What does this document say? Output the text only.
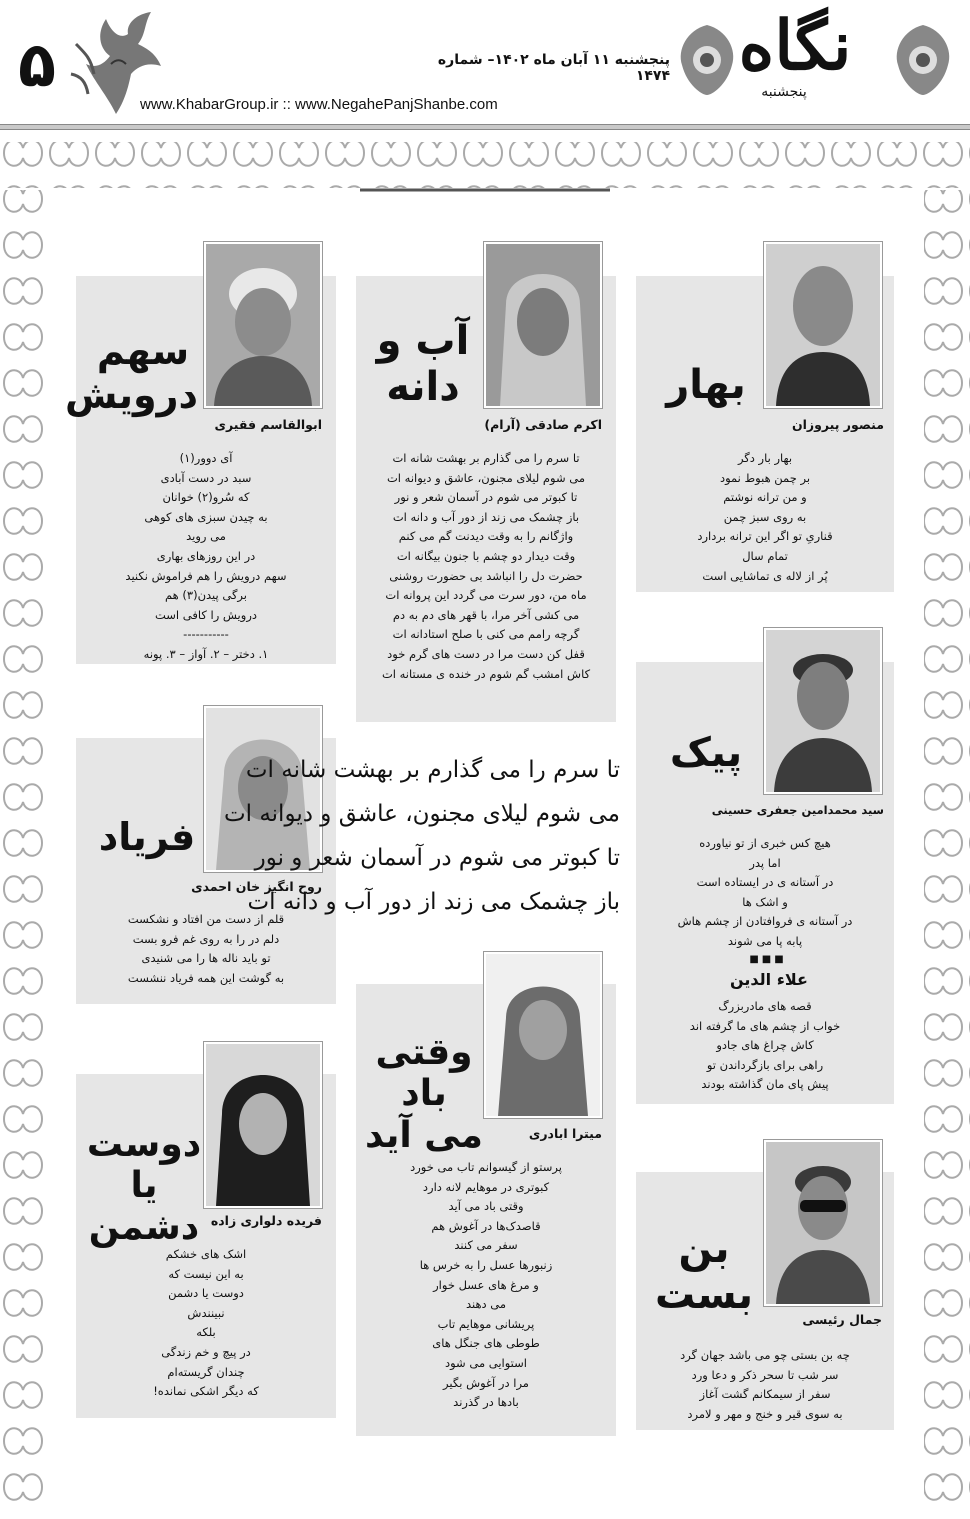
۵	پنجشنبه ۱۱ آبان ماه ۱۴۰۲– شماره ۱۴۷۴
www.KhabarGroup.ir :: www.NegahePanjShanbe.com
نگاه
پنجشنبه
بهار
منصور پیروزان
بهار بار دگر
بر چمن هبوط نمود
و من ترانه نوشتم
به روی سبز چمن
قناریِ تو اگر این ترانه بردارد
تمام سال
پُر از لاله ی تماشایی است
آب و
دانه
اکرم صادقی (آرام)
تا سرم را می گذارم بر بهشت شانه ات
می شوم لیلای مجنون، عاشق و دیوانه ات
تا کبوتر می شوم در آسمان شعر و نور
باز چشمک می زند از دور آب و دانه ات
واژگانم را به وقت دیدنت گم می کنم
وقت دیدار دو چشم با جنون بیگانه ات
حضرت دل را انباشد بی حضورت روشنی
ماه من، دور سرت می گردد این پروانه ات
می کشی آخر مرا، با قهر های دم به دم
گرچه رامم می کنی با صلح استادانه ات
قفل کن دست مرا در دست های گرم خود
کاش امشب گم شوم در خنده ی مستانه ات
سهم
درویش
ابوالقاسم فقیری
آی دوور(۱)
سبد در دست آبادی
که سُرو(۲) خوانان
به چیدن سبزی های کوهی
می روید
در این روزهای بهاری
سهم درویش را هم فراموش نکنید
برگی پیدن(۳) هم
درویش را کافی است
-----------
۱. دختر – ۲. آواز – ۳. پونه
پیک
سید محمدامین جعفری حسینی
هیچ کس خبری از تو نیاورده
اما پدر
در آستانه ی در ایستاده است
و اشک ها
در آستانه ی فروافتادن از چشم هاش
پابه پا می شوند
■■■
علاء الدین
قصه های مادربزرگ
خواب از چشم های ما گرفته اند
کاش چراغ های جادو
راهی برای بازگرداندن تو
پیش پای مان گذاشته بودند
فریاد
روح انگیز خان احمدی
قلم از دست من افتاد و نشکست
دلم در را به روی غم فرو بست
تو باید ناله ها را می شنیدی
به گوشت این همه فریاد ننشست
تا سرم را می گذارم بر بهشت شانه ات
می شوم لیلای مجنون، عاشق و دیوانه ات
تا کبوتر می شوم در آسمان شعر و نور
باز چشمک می زند از دور آب و دانه ات
وقتی باد
می آید	میترا ابادری
پرستو از گیسوانم تاب می خورد
کبوتری در موهایم لانه دارد
وقتی باد می آید
قاصدک‌ها در آغوش هم
سفر می کنند
زنبورها عسل را به خرس ها
و مرغ های عسل خوار
می دهند
پریشانی موهایم تاب
طوطی های جنگل های
استوایی می شود
مرا در آغوش بگیر
بادها در گذرند
دوست
یا دشمن فریده دلواری زاده
اشک های خشکم
به این نیست که
دوست یا دشمن
نبینندش
بلکه
در پیچ و خم زندگی
چندان گریسته‌ام
که دیگر اشکی نمانده!
بن
بست
جمال رئیسی
چه بن بستی چو می باشد جهان گرد
سر شب تا سحر ذکر و دعا ورد
سفر از سیمکانم گشت آغاز
به سوی قیر و خنج و مهر و لامرد
